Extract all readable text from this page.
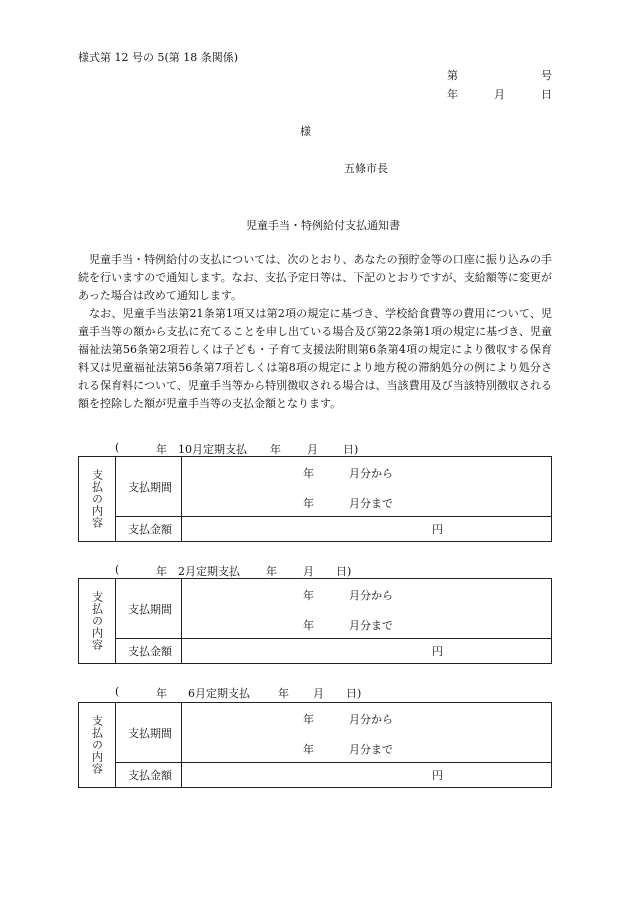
様式第 12 号の 5(第 18 条関係)
第	号
年	月	日
様
五條市長
児童手当・特例給付支払通知書

児童手当・特例給付の支払については、次のとおり、あなたの預貯金等の口座に振り込みの手続を行いますので通知します。なお、支払予定日等は、下記のとおりですが、支給額等に変更があった場合は改めて通知します。

なお、児童手当法第21条第1項又は第2項の規定に基づき、学校給食費等の費用について、児童手当等の額から支払に充てることを申し出ている場合及び第22条第1項の規定に基づき、児童福祉法第56条第2項若しくは子ども・子育て支援法附則第6条第4項の規定により徴収する保育料又は児童福祉法第56条第7項若しくは第8項の規定により地方税の滞納処分の例により処分される保育料について、児童手当等から特別徴収される場合は、当該費用及び当該特別徴収される額を控除した額が児童手当等の支払金額となります。

(	年 10月定期支払 年 月 日)
支払の内容	支払期間	年 月分から
年 月分まで

	支払金額	円
(	年 2月定期支払 年 月 日)
支払の内容	支払期間	年 月分から
年 月分まで

	支払金額	円
(	年 6月定期支払	年 月 日)
支払の内容	支払期間	年 月分から
年 月分まで

	支払金額	円
